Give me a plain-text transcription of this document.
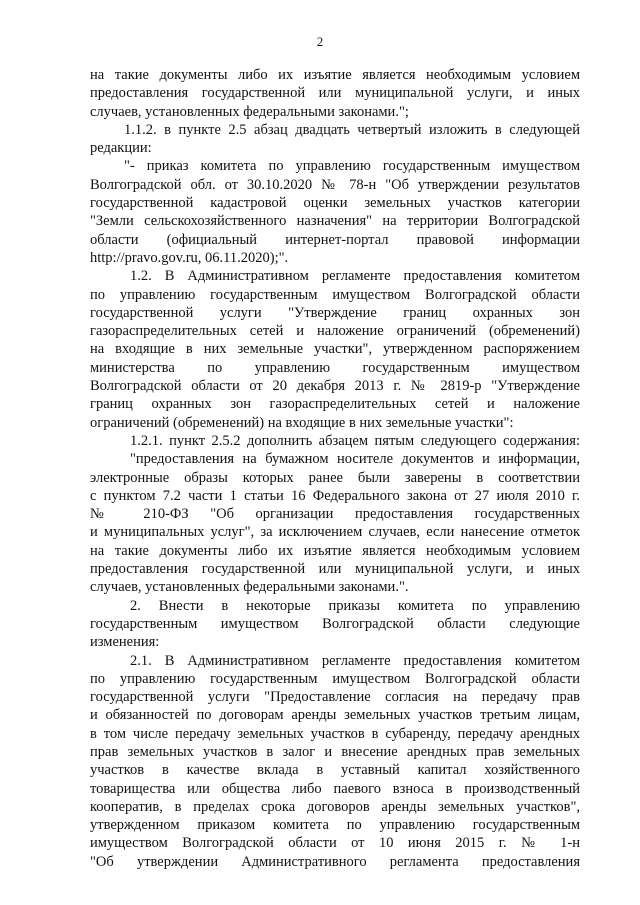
2
на такие документы либо их изъятие является необходимым условием
предоставления государственной или муниципальной услуги, и иных
случаев, установленных федеральными законами.";
1.1.2. в пункте 2.5 абзац двадцать четвертый изложить в следующей
редакции:
"- приказ комитета по управлению государственным имуществом
Волгоградской обл. от 30.10.2020 № 78-н "Об утверждении результатов
государственной кадастровой оценки земельных участков категории
"Земли сельскохозяйственного назначения" на территории Волгоградской
области (официальный интернет-портал правовой информации
http://pravo.gov.ru, 06.11.2020);".
1.2. В Административном регламенте предоставления комитетом
по управлению государственным имуществом Волгоградской области
государственной услуги "Утверждение границ охранных зон
газораспределительных сетей и наложение ограничений (обременений)
на входящие в них земельные участки", утвержденном распоряжением
министерства по управлению государственным имуществом
Волгоградской области от 20 декабря 2013 г. № 2819-р "Утверждение
границ охранных зон газораспределительных сетей и наложение
ограничений (обременений) на входящие в них земельные участки":
1.2.1. пункт 2.5.2 дополнить абзацем пятым следующего содержания:
"предоставления на бумажном носителе документов и информации,
электронные образы которых ранее были заверены в соответствии
с пунктом 7.2 части 1 статьи 16 Федерального закона от 27 июля 2010 г.
№ 210-ФЗ "Об организации предоставления государственных
и муниципальных услуг", за исключением случаев, если нанесение отметок
на такие документы либо их изъятие является необходимым условием
предоставления государственной или муниципальной услуги, и иных
случаев, установленных федеральными законами.".
2. Внести в некоторые приказы комитета по управлению
государственным имуществом Волгоградской области следующие
изменения:
2.1. В Административном регламенте предоставления комитетом
по управлению государственным имуществом Волгоградской области
государственной услуги "Предоставление согласия на передачу прав
и обязанностей по договорам аренды земельных участков третьим лицам,
в том числе передачу земельных участков в субаренду, передачу арендных
прав земельных участков в залог и внесение арендных прав земельных
участков в качестве вклада в уставный капитал хозяйственного
товарищества или общества либо паевого взноса в производственный
кооператив, в пределах срока договоров аренды земельных участков",
утвержденном приказом комитета по управлению государственным
имуществом Волгоградской области от 10 июня 2015 г. № 1-н
"Об утверждении Административного регламента предоставления
